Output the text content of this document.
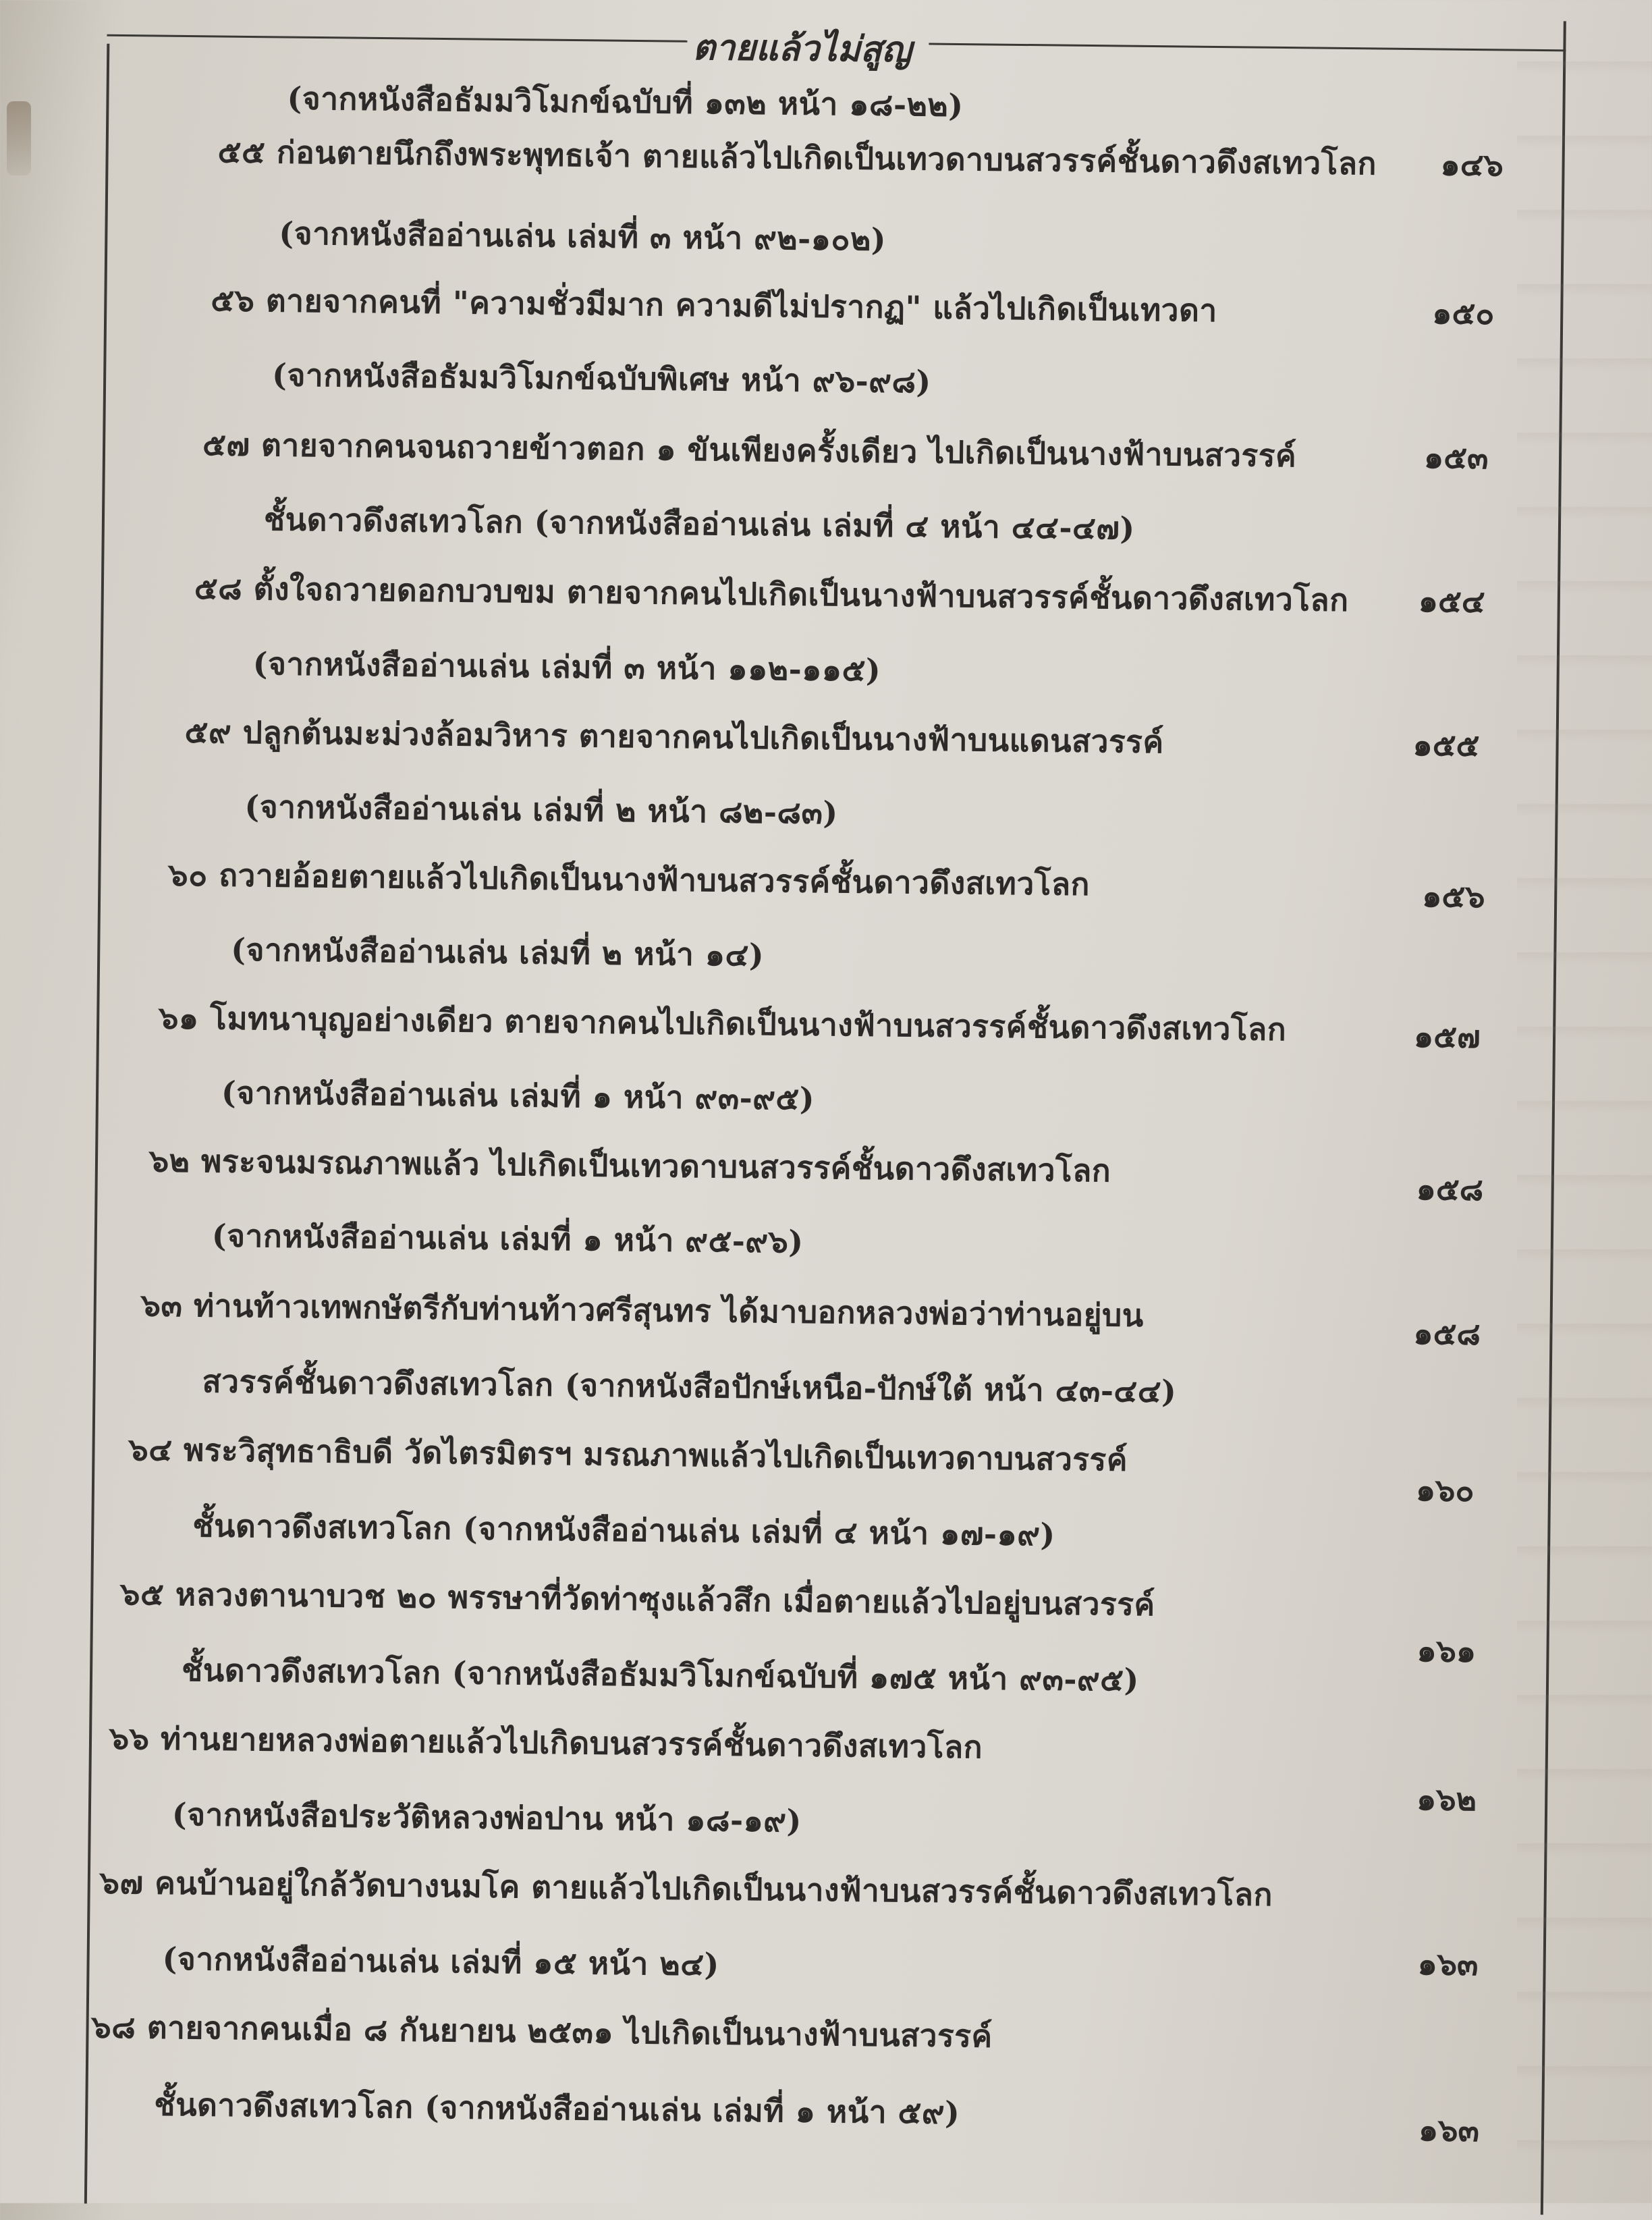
ตายแล้วไม่สูญ
(จากหนังสือธัมมวิโมกข์ฉบับที่ ๑๓๒ หน้า ๑๘-๒๒)
๕๕ ก่อนตายนึกถึงพระพุทธเจ้า ตายแล้วไปเกิดเป็นเทวดาบนสวรรค์ชั้นดาวดึงสเทวโลก
(จากหนังสืออ่านเล่น เล่มที่ ๓ หน้า ๙๒-๑๐๒)
๕๖ ตายจากคนที่ "ความชั่วมีมาก ความดีไม่ปรากฏ" แล้วไปเกิดเป็นเทวดา
(จากหนังสือธัมมวิโมกข์ฉบับพิเศษ หน้า ๙๖-๙๘)
๕๗ ตายจากคนจนถวายข้าวตอก ๑ ขันเพียงครั้งเดียว ไปเกิดเป็นนางฟ้าบนสวรรค์
ชั้นดาวดึงสเทวโลก (จากหนังสืออ่านเล่น เล่มที่ ๔ หน้า ๔๔-๔๗)
๕๘ ตั้งใจถวายดอกบวบขม ตายจากคนไปเกิดเป็นนางฟ้าบนสวรรค์ชั้นดาวดึงสเทวโลก
(จากหนังสืออ่านเล่น เล่มที่ ๓ หน้า ๑๑๒-๑๑๕)
๕๙ ปลูกต้นมะม่วงล้อมวิหาร ตายจากคนไปเกิดเป็นนางฟ้าบนแดนสวรรค์
(จากหนังสืออ่านเล่น เล่มที่ ๒ หน้า ๘๒-๘๓)
๖๐ ถวายอ้อยตายแล้วไปเกิดเป็นนางฟ้าบนสวรรค์ชั้นดาวดึงสเทวโลก
(จากหนังสืออ่านเล่น เล่มที่ ๒ หน้า ๑๔)
๖๑ โมทนาบุญอย่างเดียว ตายจากคนไปเกิดเป็นนางฟ้าบนสวรรค์ชั้นดาวดึงสเทวโลก
(จากหนังสืออ่านเล่น เล่มที่ ๑ หน้า ๙๓-๙๕)
๖๒ พระจนมรณภาพแล้ว ไปเกิดเป็นเทวดาบนสวรรค์ชั้นดาวดึงสเทวโลก
(จากหนังสืออ่านเล่น เล่มที่ ๑ หน้า ๙๕-๙๖)
๖๓ ท่านท้าวเทพกษัตรีกับท่านท้าวศรีสุนทร ได้มาบอกหลวงพ่อว่าท่านอยู่บน
สวรรค์ชั้นดาวดึงสเทวโลก (จากหนังสือปักษ์เหนือ-ปักษ์ใต้ หน้า ๔๓-๔๔)
๖๔ พระวิสุทธาธิบดี วัดไตรมิตรฯ มรณภาพแล้วไปเกิดเป็นเทวดาบนสวรรค์
ชั้นดาวดึงสเทวโลก (จากหนังสืออ่านเล่น เล่มที่ ๔ หน้า ๑๗-๑๙)
๖๕ หลวงตานาบวช ๒๐ พรรษาที่วัดท่าซุงแล้วสึก เมื่อตายแล้วไปอยู่บนสวรรค์
ชั้นดาวดึงสเทวโลก (จากหนังสือธัมมวิโมกข์ฉบับที่ ๑๗๕ หน้า ๙๓-๙๕)
๖๖ ท่านยายหลวงพ่อตายแล้วไปเกิดบนสวรรค์ชั้นดาวดึงสเทวโลก
(จากหนังสือประวัติหลวงพ่อปาน หน้า ๑๘-๑๙)
๖๗ คนบ้านอยู่ใกล้วัดบางนมโค ตายแล้วไปเกิดเป็นนางฟ้าบนสวรรค์ชั้นดาวดึงสเทวโลก
(จากหนังสืออ่านเล่น เล่มที่ ๑๕ หน้า ๒๔)
๖๘ ตายจากคนเมื่อ ๘ กันยายน ๒๕๓๑ ไปเกิดเป็นนางฟ้าบนสวรรค์
ชั้นดาวดึงสเทวโลก (จากหนังสืออ่านเล่น เล่มที่ ๑ หน้า ๕๙)
๑๔๖
๑๕๐
๑๕๓
๑๕๔
๑๕๕
๑๕๖
๑๕๗
๑๕๘
๑๕๘
๑๖๐
๑๖๑
๑๖๒
๑๖๓
๑๖๓
